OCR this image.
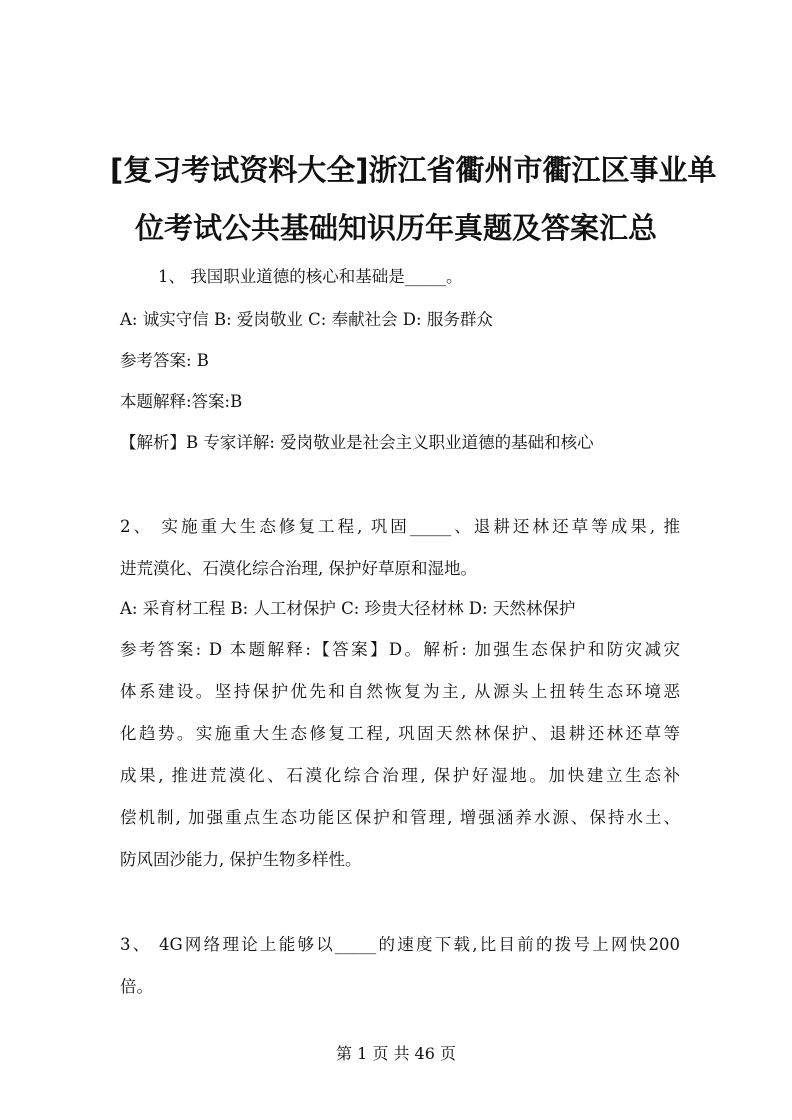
[复习考试资料大全]浙江省衢州市衢江区事业单
位考试公共基础知识历年真题及答案汇总
1、 我国职业道德的核心和基础是_____。
A: 诚实守信 B: 爱岗敬业 C: 奉献社会 D: 服务群众
参考答案: B
本题解释:答案:B
【解析】B 专家详解: 爱岗敬业是社会主义职业道德的基础和核心
2、 实施重大生态修复工程, 巩固_____、退耕还林还草等成果, 推
进荒漠化、石漠化综合治理, 保护好草原和湿地。
A: 采育材工程 B: 人工材保护 C: 珍贵大径材林 D: 天然林保护
参考答案: D 本题解释:【答案】D。解析: 加强生态保护和防灾减灾
体系建设。坚持保护优先和自然恢复为主, 从源头上扭转生态环境恶
化趋势。实施重大生态修复工程, 巩固天然林保护、退耕还林还草等
成果, 推进荒漠化、石漠化综合治理, 保护好湿地。加快建立生态补
偿机制, 加强重点生态功能区保护和管理, 增强涵养水源、保持水土、
防风固沙能力, 保护生物多样性。
3、 4G网络理论上能够以_____的速度下载,比目前的拨号上网快200
倍。
第 1 页 共 46 页
